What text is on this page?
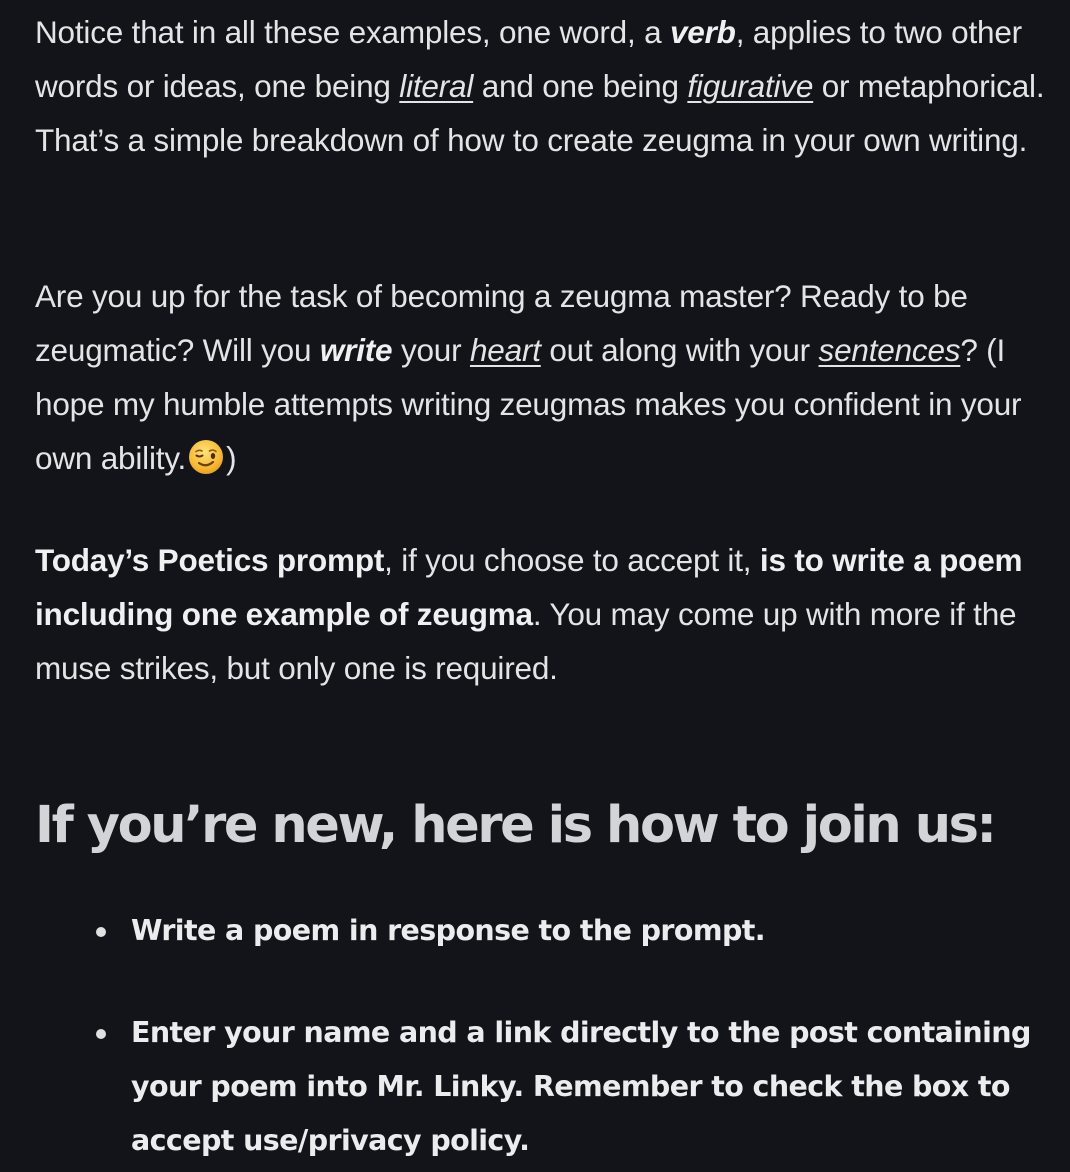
Notice that in all these examples, one word, a verb, applies to two other words or ideas, one being literal and one being figurative or metaphorical. That’s a simple breakdown of how to create zeugma in your own writing.

Are you up for the task of becoming a zeugma master? Ready to be zeugmatic? Will you write your heart out along with your sentences? (I hope my humble attempts writing zeugmas makes you confident in your own ability. )

Today’s Poetics prompt, if you choose to accept it, is to write a poem including one example of zeugma. You may come up with more if the muse strikes, but only one is required.

If you’re new, here is how to join us:
Write a poem in response to the prompt.
Enter your name and a link directly to the post containing your poem into Mr. Linky. Remember to check the box to accept use/privacy policy.
